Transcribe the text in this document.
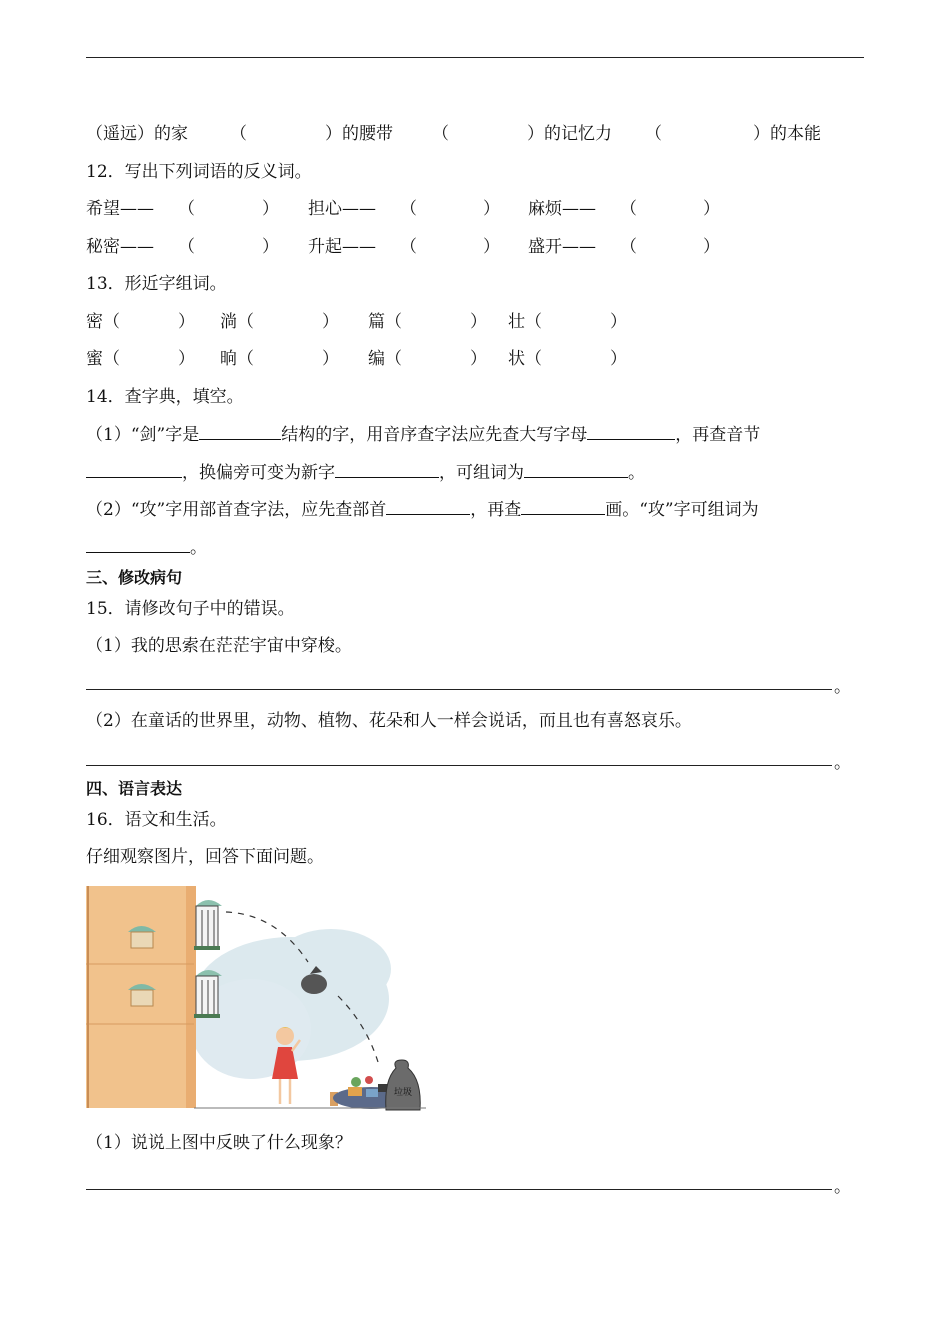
（遥远）的家 （	）的腰带 （	）的记忆力 （	）的本能
12．写出下列词语的反义词。
希望—— （	） 担心—— （	） 麻烦—— （	）
秘密—— （	） 升起—— （	） 盛开—— （	）
13．形近字组词。
密（	） 淌（	） 篇（	） 壮（	）
蜜（	） 晌（	） 编（	） 状（	）
14．查字典，填空。
（1）“剑”字是	结构的字，用音序查字法应先查大写字母	，再查音节
，换偏旁可变为新字	，可组词为	。
（2）“攻”字用部首查字法，应先查部首	，再查	画。“攻”字可组词为
。
三、修改病句
15．请修改句子中的错误。
（1）我的思索在茫茫宇宙中穿梭。
。
（2）在童话的世界里，动物、植物、花朵和人一样会说话，而且也有喜怒哀乐。
。
四、语言表达
16．语文和生活。
仔细观察图片，回答下面问题。
垃圾
（1）说说上图中反映了什么现象？
。
